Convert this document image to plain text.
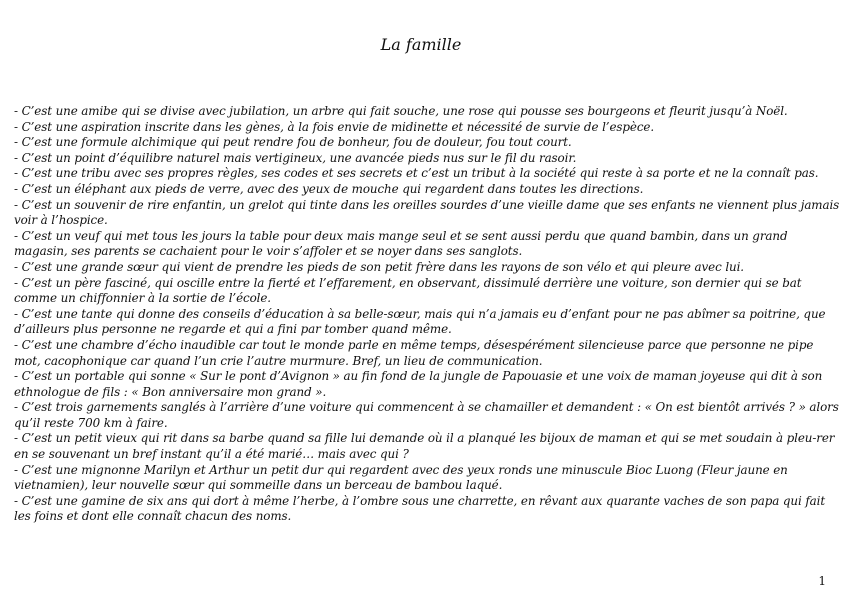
La famille
- C’est une amibe qui se divise avec jubilation, un arbre qui fait souche, une rose qui pousse ses bourgeons et fleurit jusqu’à Noël.
- C’est une aspiration inscrite dans les gènes, à la fois envie de midinette et nécessité de survie de l’espèce.
- C’est une formule alchimique qui peut rendre fou de bonheur, fou de douleur, fou tout court.
- C’est un point d’équilibre naturel mais vertigineux, une avancée pieds nus sur le fil du rasoir.
- C’est une tribu avec ses propres règles, ses codes et ses secrets et c’est un tribut à la société qui reste à sa porte et ne la connaît pas.
- C’est un éléphant aux pieds de verre, avec des yeux de mouche qui regardent dans toutes les directions.
- C’est un souvenir de rire enfantin, un grelot qui tinte dans les oreilles sourdes d’une vieille dame que ses enfants ne viennent plus jamais voir à l’hospice.
- C’est un veuf qui met tous les jours la table pour deux mais mange seul et se sent aussi perdu que quand bambin, dans un grand magasin, ses parents se cachaient pour le voir s’affoler et se noyer dans ses sanglots.
- C’est une grande sœur qui vient de prendre les pieds de son petit frère dans les rayons de son vélo et qui pleure avec lui.
- C’est un père fasciné, qui oscille entre la fierté et l’effarement, en observant, dissimulé derrière une voiture, son dernier qui se bat comme un chiffonnier à la sortie de l’école.
- C’est une tante qui donne des conseils d’éducation à sa belle-sœur, mais qui n’a jamais eu d’enfant pour ne pas abîmer sa poitrine, que d’ailleurs plus personne ne regarde et qui a fini par tomber quand même.
- C’est une chambre d’écho inaudible car tout le monde parle en même temps, désespérément silencieuse parce que personne ne pipe mot, cacophonique car quand l’un crie l’autre murmure. Bref, un lieu de communication.
- C’est un portable qui sonne « Sur le pont d’Avignon » au fin fond de la jungle de Papouasie et une voix de maman joyeuse qui dit à son ethnologue de fils : « Bon anniversaire mon grand ».
- C’est trois garnements sanglés à l’arrière d’une voiture qui commencent à se chamailler et demandent : « On est bientôt arrivés ? » alors qu’il reste 700 km à faire.
- C’est un petit vieux qui rit dans sa barbe quand sa fille lui demande où il a planqué les bijoux de maman et qui se met soudain à pleu-rer en se souvenant un bref instant qu’il a été marié… mais avec qui ?
- C’est une mignonne Marilyn et Arthur un petit dur qui regardent avec des yeux ronds une minuscule Bioc Luong (Fleur jaune en vietnamien), leur nouvelle sœur qui sommeille dans un berceau de bambou laqué.
- C’est une gamine de six ans qui dort à même l’herbe, à l’ombre sous une charrette, en rêvant aux quarante vaches de son papa qui fait les foins et dont elle connaît chacun des noms.
1
